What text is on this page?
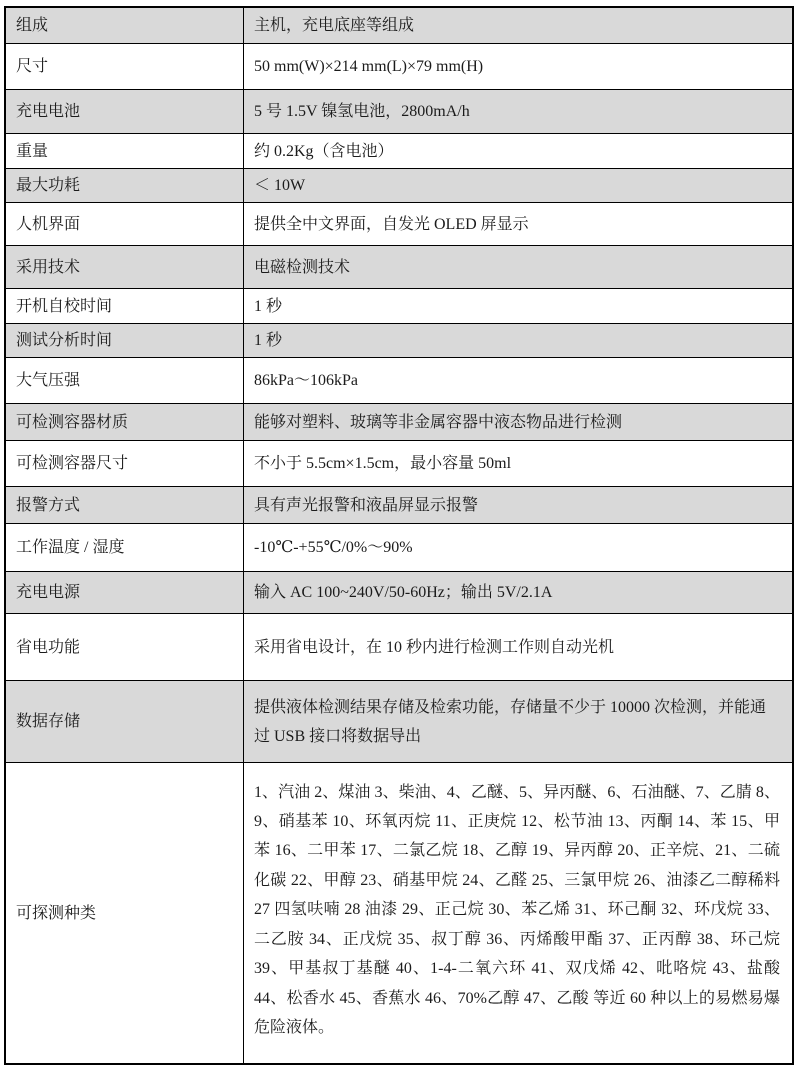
组成	主机，充电底座等组成
尺寸	50 mm(W)×214 mm(L)×79 mm(H)
充电电池	5 号 1.5V 镍氢电池，2800mA/h
重量	约 0.2Kg（含电池）
最大功耗	＜ 10W
人机界面	提供全中文界面，自发光 OLED 屏显示
采用技术	电磁检测技术
开机自校时间	1 秒
测试分析时间	1 秒
大气压强	86kPa～106kPa
可检测容器材质	能够对塑料、玻璃等非金属容器中液态物品进行检测
可检测容器尺寸	不小于 5.5cm×1.5cm，最小容量 50ml
报警方式	具有声光报警和液晶屏显示报警
工作温度 / 湿度	-10℃-+55℃/0%～90%
充电电源	输入 AC 100~240V/50-60Hz；输出 5V/2.1A
省电功能	采用省电设计，在 10 秒内进行检测工作则自动光机
数据存储	提供液体检测结果存储及检索功能，存储量不少于 10000 次检测，并能通过 USB 接口将数据导出
可探测种类	1、汽油 2、煤油 3、柴油、4、乙醚、5、异丙醚、6、石油醚、7、乙腈 8、9、硝基苯 10、环氧丙烷 11、正庚烷 12、松节油 13、丙酮 14、苯 15、甲苯 16、二甲苯 17、二氯乙烷 18、乙醇 19、异丙醇 20、正辛烷、21、二硫化碳 22、甲醇 23、硝基甲烷 24、乙醛 25、三氯甲烷 26、油漆乙二醇稀料 27 四氢呋喃 28 油漆 29、正己烷 30、苯乙烯 31、环己酮 32、环戊烷 33、二乙胺 34、正戊烷 35、叔丁醇 36、丙烯酸甲酯 37、正丙醇 38、环己烷 39、甲基叔丁基醚 40、1-4-二氧六环 41、双戊烯 42、吡咯烷 43、盐酸 44、松香水 45、香蕉水 46、70%乙醇 47、乙酸 等近 60 种以上的易燃易爆危险液体。
